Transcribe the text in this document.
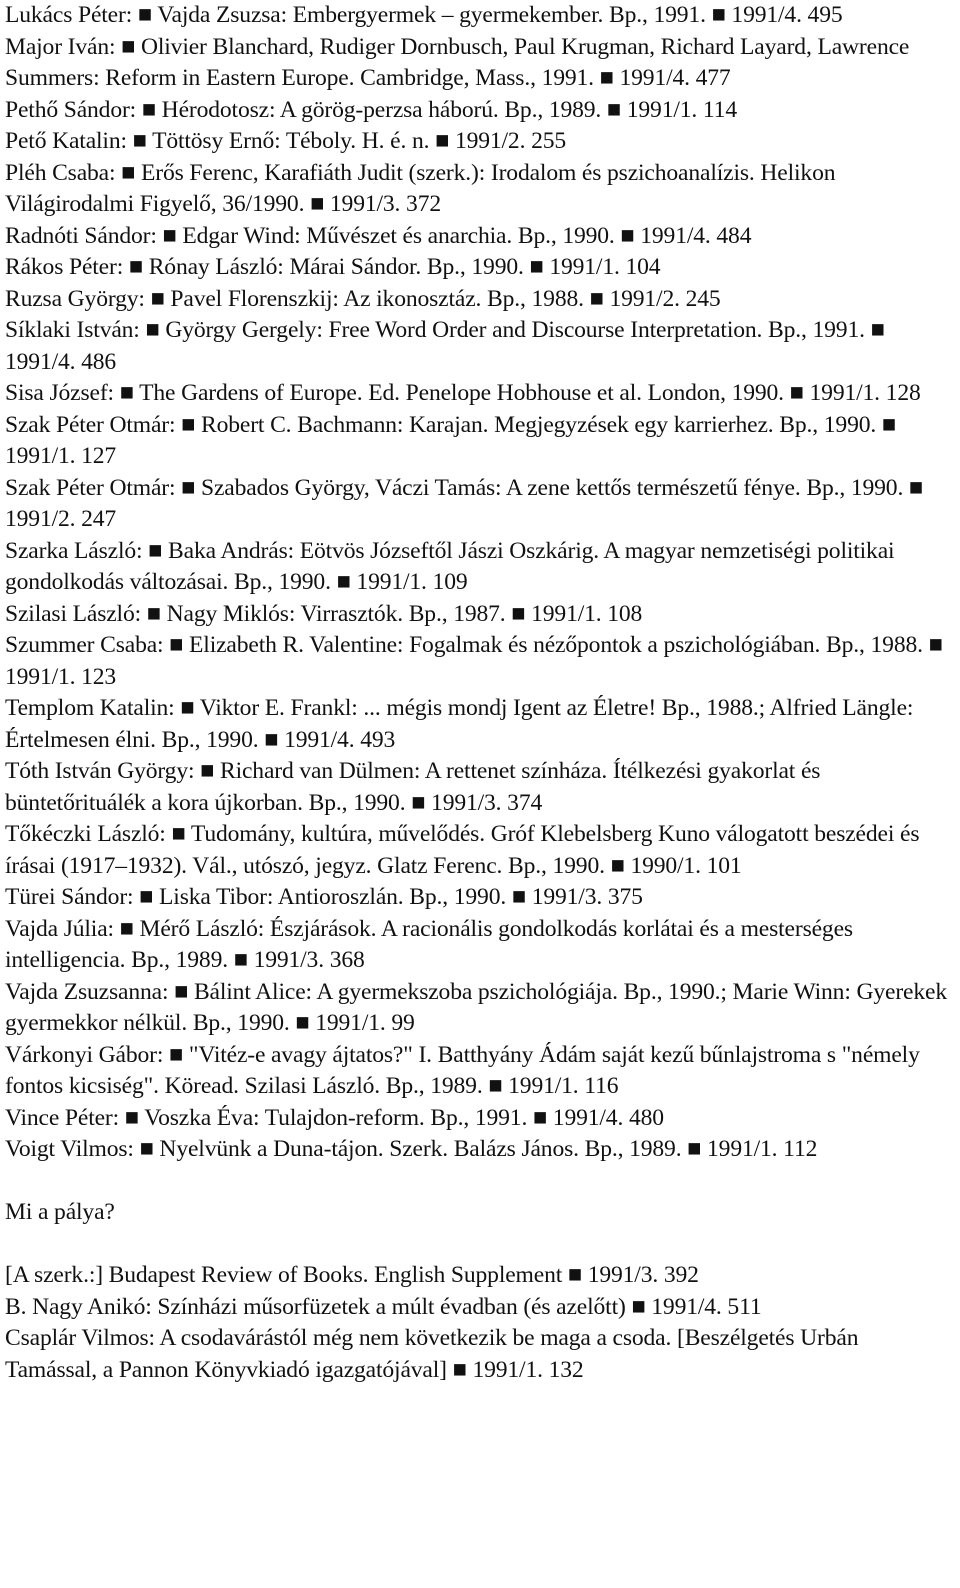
Lukács Péter: ■ Vajda Zsuzsa: Embergyermek – gyermekember. Bp., 1991. ■ 1991/4. 495

Major Iván: ■ Olivier Blanchard, Rudiger Dornbusch, Paul Krugman, Richard Layard, Lawrence Summers: Reform in Eastern Europe. Cambridge, Mass., 1991. ■ 1991/4. 477

Pethő Sándor: ■ Hérodotosz: A görög-perzsa háború. Bp., 1989. ■ 1991/1. 114

Pető Katalin: ■ Töttösy Ernő: Téboly. H. é. n. ■ 1991/2. 255

Pléh Csaba: ■ Erős Ferenc, Karafiáth Judit (szerk.): Irodalom és pszichoanalízis. Helikon Világirodalmi Figyelő, 36/1990. ■ 1991/3. 372

Radnóti Sándor: ■ Edgar Wind: Művészet és anarchia. Bp., 1990. ■ 1991/4. 484

Rákos Péter: ■ Rónay László: Márai Sándor. Bp., 1990. ■ 1991/1. 104

Ruzsa György: ■ Pavel Florenszkij: Az ikonosztáz. Bp., 1988. ■ 1991/2. 245

Síklaki István: ■ György Gergely: Free Word Order and Discourse Interpretation. Bp., 1991. ■ 1991/4. 486

Sisa József: ■ The Gardens of Europe. Ed. Penelope Hobhouse et al. London, 1990. ■ 1991/1. 128

Szak Péter Otmár: ■ Robert C. Bachmann: Karajan. Megjegyzések egy karrierhez. Bp., 1990. ■ 1991/1. 127

Szak Péter Otmár: ■ Szabados György, Váczi Tamás: A zene kettős természetű fénye. Bp., 1990. ■ 1991/2. 247

Szarka László: ■ Baka András: Eötvös Józseftől Jászi Oszkárig. A magyar nemzetiségi politikai gondolkodás változásai. Bp., 1990. ■ 1991/1. 109

Szilasi László: ■ Nagy Miklós: Virrasztók. Bp., 1987. ■ 1991/1. 108

Szummer Csaba: ■ Elizabeth R. Valentine: Fogalmak és nézőpontok a pszichológiában. Bp., 1988. ■ 1991/1. 123

Templom Katalin: ■ Viktor E. Frankl: ... mégis mondj Igent az Életre! Bp., 1988.; Alfried Längle: Értelmesen élni. Bp., 1990. ■ 1991/4. 493

Tóth István György: ■ Richard van Dülmen: A rettenet színháza. Ítélkezési gyakorlat és büntetőrituálék a kora újkorban. Bp., 1990. ■ 1991/3. 374

Tőkéczki László: ■ Tudomány, kultúra, művelődés. Gróf Klebelsberg Kuno válogatott beszédei és írásai (1917–1932). Vál., utószó, jegyz. Glatz Ferenc. Bp., 1990. ■ 1990/1. 101

Türei Sándor: ■ Liska Tibor: Antioroszlán. Bp., 1990. ■ 1991/3. 375

Vajda Júlia: ■ Mérő László: Észjárások. A racionális gondolkodás korlátai és a mesterséges intelligencia. Bp., 1989. ■ 1991/3. 368

Vajda Zsuzsanna: ■ Bálint Alice: A gyermekszoba pszichológiája. Bp., 1990.; Marie Winn: Gyerekek gyermekkor nélkül. Bp., 1990. ■ 1991/1. 99

Várkonyi Gábor: ■ "Vitéz-e avagy ájtatos?" I. Batthyány Ádám saját kezű bűnlajstroma s "némely fontos kicsiség". Köread. Szilasi László. Bp., 1989. ■ 1991/1. 116

Vince Péter: ■ Voszka Éva: Tulajdon-reform. Bp., 1991. ■ 1991/4. 480

Voigt Vilmos: ■ Nyelvünk a Duna-tájon. Szerk. Balázs János. Bp., 1989. ■ 1991/1. 112

Mi a pálya?

[A szerk.:] Budapest Review of Books. English Supplement ■ 1991/3. 392

B. Nagy Anikó: Színházi műsorfüzetek a múlt évadban (és azelőtt) ■ 1991/4. 511

Csaplár Vilmos: A csodavárástól még nem következik be maga a csoda. [Beszélgetés Urbán Tamással, a Pannon Könyvkiadó igazgatójával] ■ 1991/1. 132
